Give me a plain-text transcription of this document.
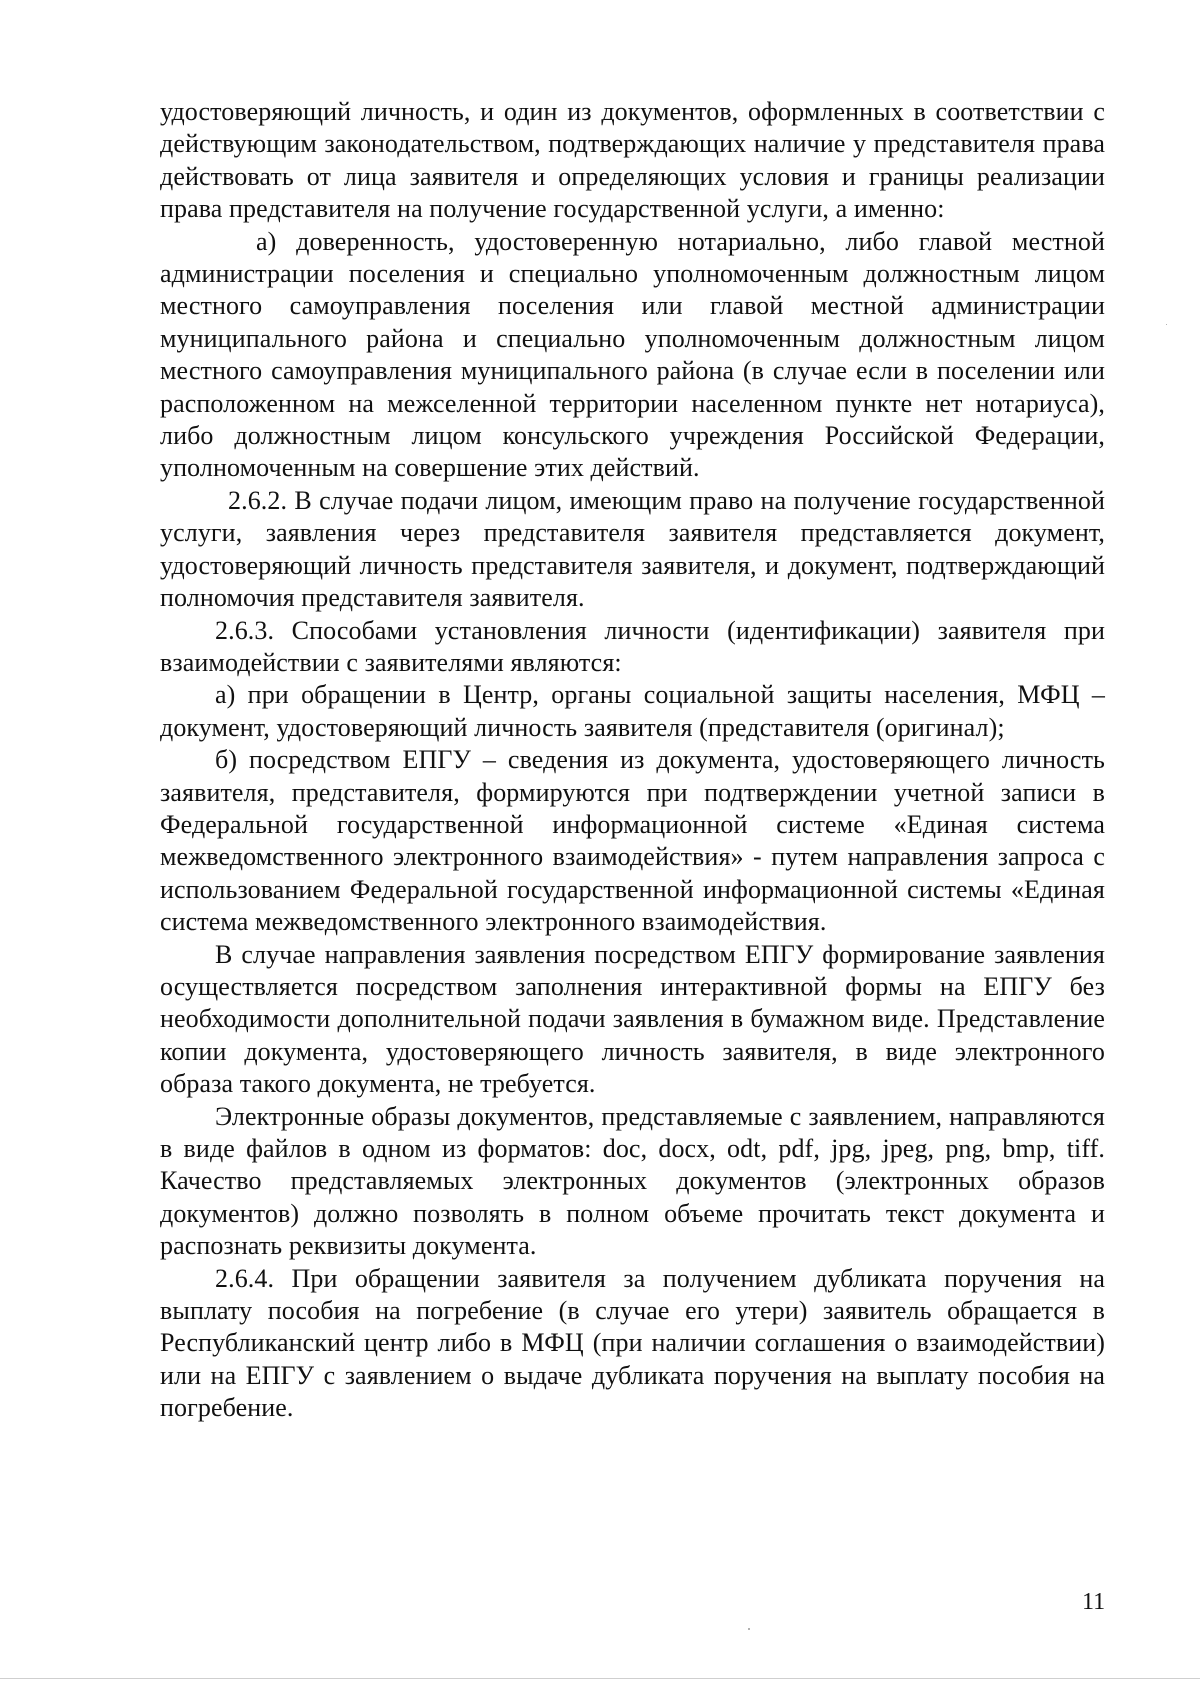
удостоверяющий личность, и один из документов, оформленных в соответствии с действующим законодательством, подтверждающих наличие у представителя права действовать от лица заявителя и определяющих условия и границы реализации права представителя на получение государственной услуги, а именно:

а) доверенность, удостоверенную нотариально, либо главой местной администрации поселения и специально уполномоченным должностным лицом местного самоуправления поселения или главой местной администрации муниципального района и специально уполномоченным должностным лицом местного самоуправления муниципального района (в случае если в поселении или расположенном на межселенной территории населенном пункте нет нотариуса), либо должностным лицом консульского учреждения Российской Федерации, уполномоченным на совершение этих действий.

2.6.2. В случае подачи лицом, имеющим право на получение государственной услуги, заявления через представителя заявителя представляется документ, удостоверяющий личность представителя заявителя, и документ, подтверждающий полномочия представителя заявителя.

2.6.3. Способами установления личности (идентификации) заявителя при взаимодействии с заявителями являются:

а) при обращении в Центр, органы социальной защиты населения, МФЦ – документ, удостоверяющий личность заявителя (представителя (оригинал);

б) посредством ЕПГУ – сведения из документа, удостоверяющего личность заявителя, представителя, формируются при подтверждении учетной записи в Федеральной государственной информационной системе «Единая система межведомственного электронного взаимодействия» - путем направления запроса с использованием Федеральной государственной информационной системы «Единая система межведомственного электронного взаимодействия.

В случае направления заявления посредством ЕПГУ формирование заявления осуществляется посредством заполнения интерактивной формы на ЕПГУ без необходимости дополнительной подачи заявления в бумажном виде. Представление копии документа, удостоверяющего личность заявителя, в виде электронного образа такого документа, не требуется.

Электронные образы документов, представляемые с заявлением, направляются в виде файлов в одном из форматов: doc, docx, odt, pdf, jpg, jpeg, png, bmp, tiff. Качество представляемых электронных документов (электронных образов документов) должно позволять в полном объеме прочитать текст документа и распознать реквизиты документа.

2.6.4. При обращении заявителя за получением дубликата поручения на выплату пособия на погребение (в случае его утери) заявитель обращается в Республиканский центр либо в МФЦ (при наличии соглашения о взаимодействии) или на ЕПГУ с заявлением о выдаче дубликата поручения на выплату пособия на погребение.

11
